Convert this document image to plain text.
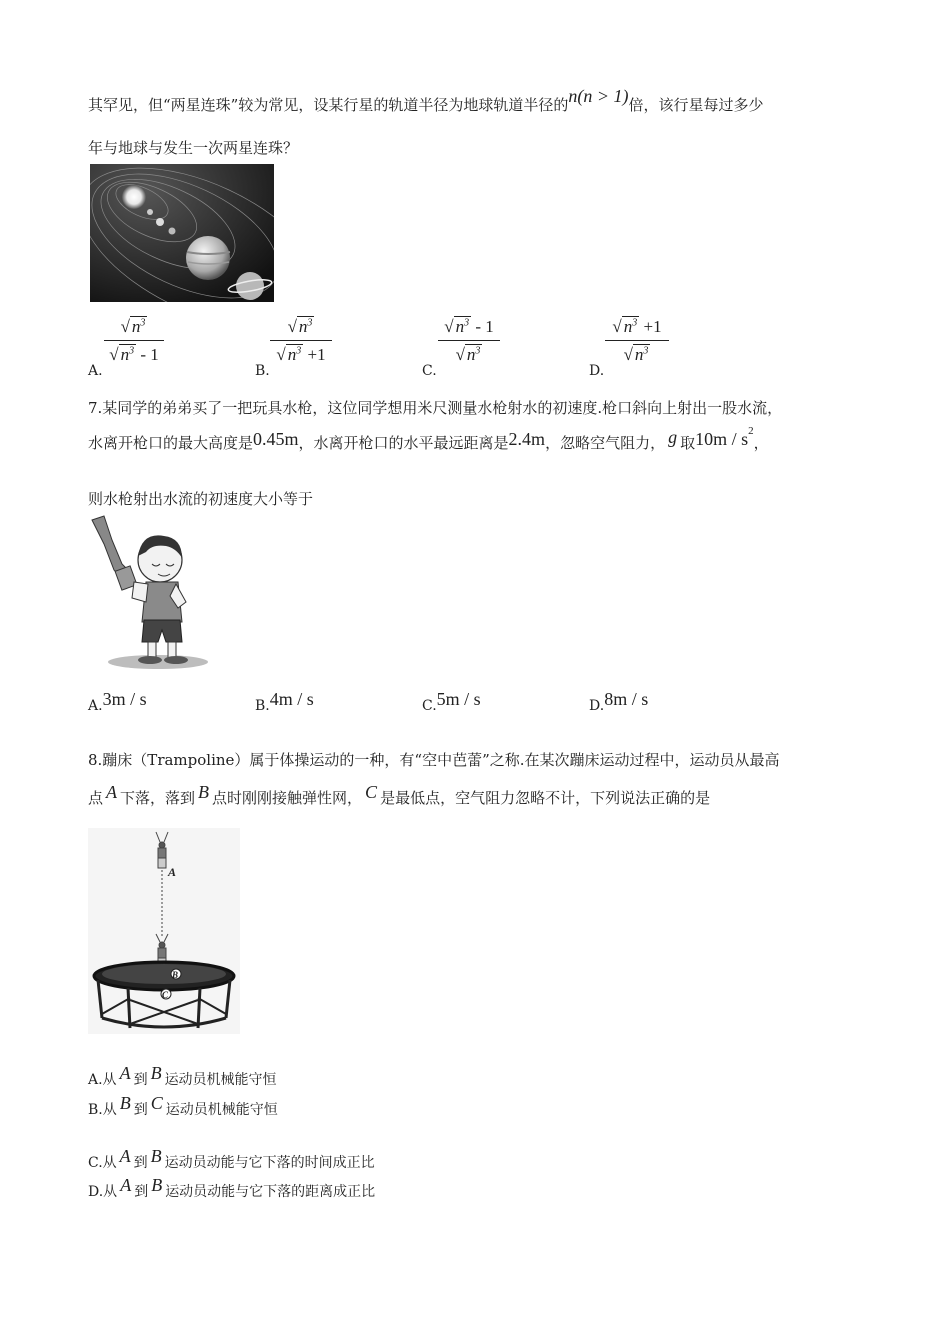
其罕见，但“两星连珠”较为常见，设某行星的轨道半径为地球轨道半径的n(n > 1)倍，该行星每过多少
年与地球与发生一次两星连珠？
A.
√ $n^3$
√ $n^3 - 1$
B.
√ $n^3$
√ $n^3 +1$
C.
√ $n^3 - 1$
√ $n^3$
D.
√ $n^3 +1$
√ $n^3$
7.某同学的弟弟买了一把玩具水枪，这位同学想用米尺测量水枪射水的初速度.枪口斜向上射出一股水流，
水离开枪口的最大高度是0.45m，水离开枪口的水平最远距离是2.4m，忽略空气阻力， g 取$10m / s^2$，
则水枪射出水流的初速度大小等于
A.3m / s	B.4m / s	C.5m / s	D.8m / s
8.蹦床（Trampoline）属于体操运动的一种，有“空中芭蕾”之称.在某次蹦床运动过程中，运动员从最高
点 A 下落，落到 B 点时刚刚接触弹性网， C 是最低点，空气阻力忽略不计，下列说法正确的是
A
B
C
A.从 A 到 B 运动员机械能守恒
B.从 B 到 C 运动员机械能守恒
C.从 A 到 B 运动员动能与它下落的时间成正比
D.从 A 到 B 运动员动能与它下落的距离成正比
